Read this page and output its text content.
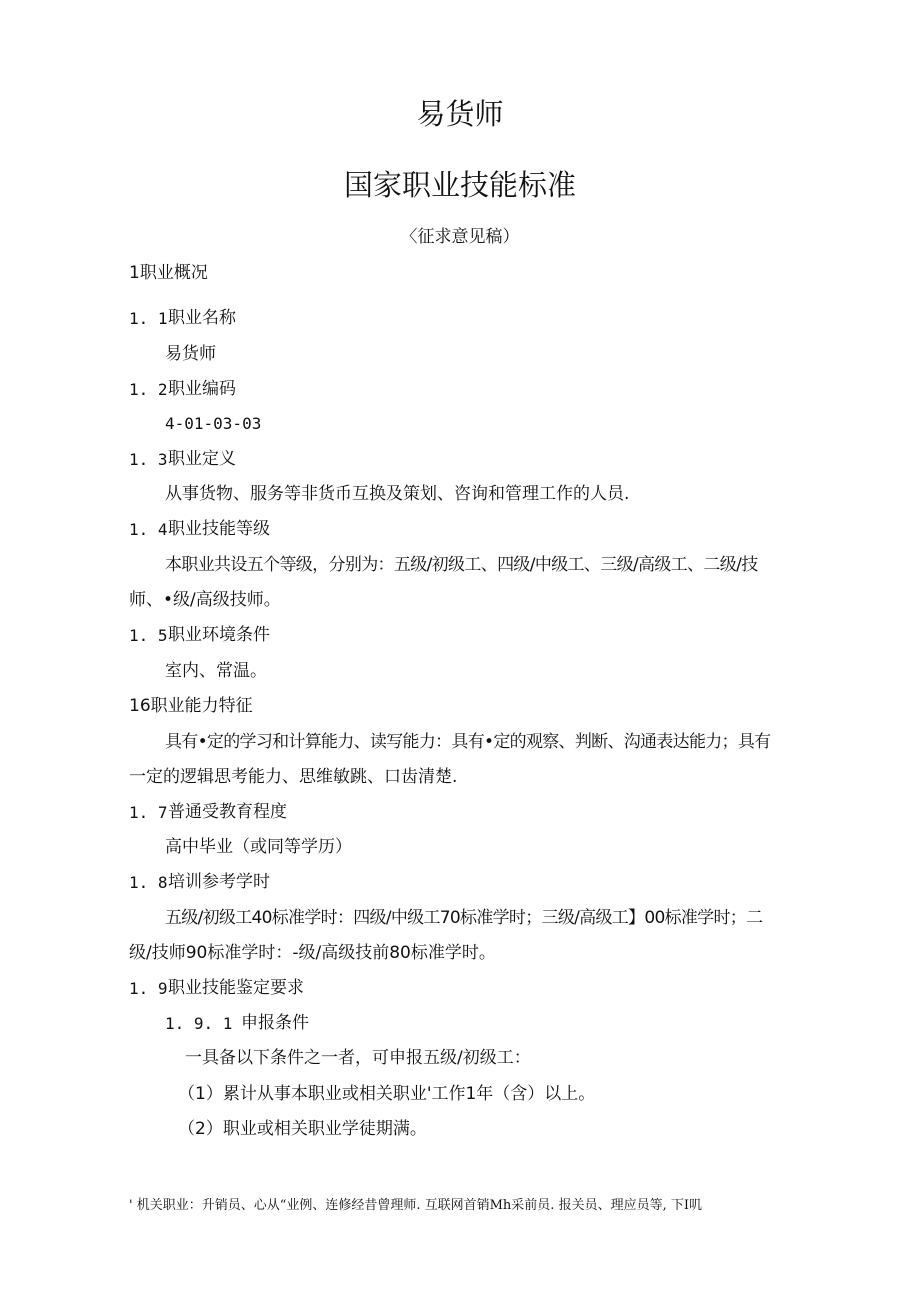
易货师
国家职业技能标准
〈征求意见稿）
1职业概况
1. 1 职业名称
易货师
1. 2 职业编码
4-01-03-03
1. 3 职业定义
从事货物、服务等非货币互换及策划、咨询和管理工作的人员.
1. 4 职业技能等级
本职业共设五个等级，分别为：五级/初级工、四级/中级工、三级/高级工、二级/技
师、•级/高级技师。
1. 5 职业环境条件
室内、常温。
16职业能力特征
具有•定的学习和计算能力、读写能力：具有•定的观察、判断、沟通表达能力；具有
一定的逻辑思考能力、思维敏跳、口齿清楚.
1. 7 普通受教育程度
高中毕业（或同等学历）
1. 8 培训参考学时
五级/初级工40标准学时：四级/中级工70标准学时；三级/高级工】00标准学时；二
级/技师90标准学时：-级/高级技前80标准学时。
1. 9 职业技能鉴定要求
1. 9. 1 申报条件
一具备以下条件之一者，可申报五级/初级工：
（1）累计从事本职业或相关职业'工作1年（含）以上。
（2）职业或相关职业学徒期满。
' 机关职业：升销员、心从“业例、连修经昔曾理师. 互联网首销Mh采前员. 报关员、理应员等, 下I叽
